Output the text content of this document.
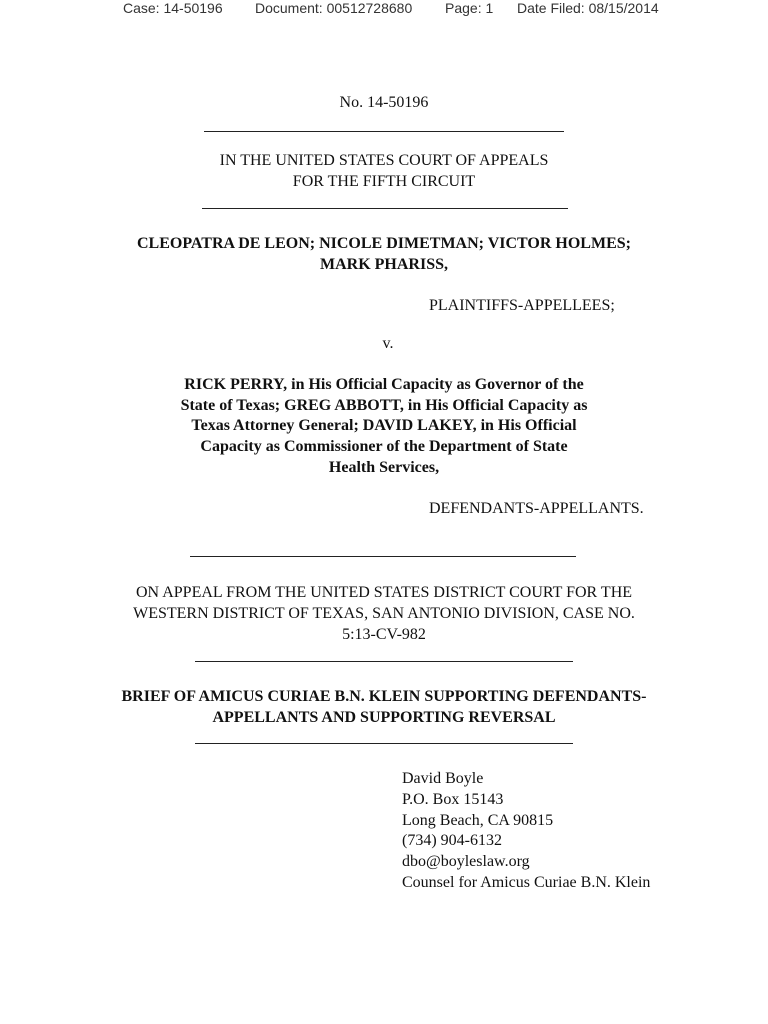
Case: 14-50196 Document: 00512728680 Page: 1 Date Filed: 08/15/2014
No. 14-50196
IN THE UNITED STATES COURT OF APPEALS
FOR THE FIFTH CIRCUIT
CLEOPATRA DE LEON; NICOLE DIMETMAN; VICTOR HOLMES;
MARK PHARISS,
PLAINTIFFS-APPELLEES;
v.
RICK PERRY, in His Official Capacity as Governor of the
State of Texas; GREG ABBOTT, in His Official Capacity as
Texas Attorney General; DAVID LAKEY, in His Official
Capacity as Commissioner of the Department of State
Health Services,
DEFENDANTS-APPELLANTS.
ON APPEAL FROM THE UNITED STATES DISTRICT COURT FOR THE
WESTERN DISTRICT OF TEXAS, SAN ANTONIO DIVISION, CASE NO.
5:13-CV-982
BRIEF OF AMICUS CURIAE B.N. KLEIN SUPPORTING DEFENDANTS-
APPELLANTS AND SUPPORTING REVERSAL
David Boyle
P.O. Box 15143
Long Beach, CA 90815
(734) 904-6132
dbo@boyleslaw.org
Counsel for Amicus Curiae B.N. Klein
